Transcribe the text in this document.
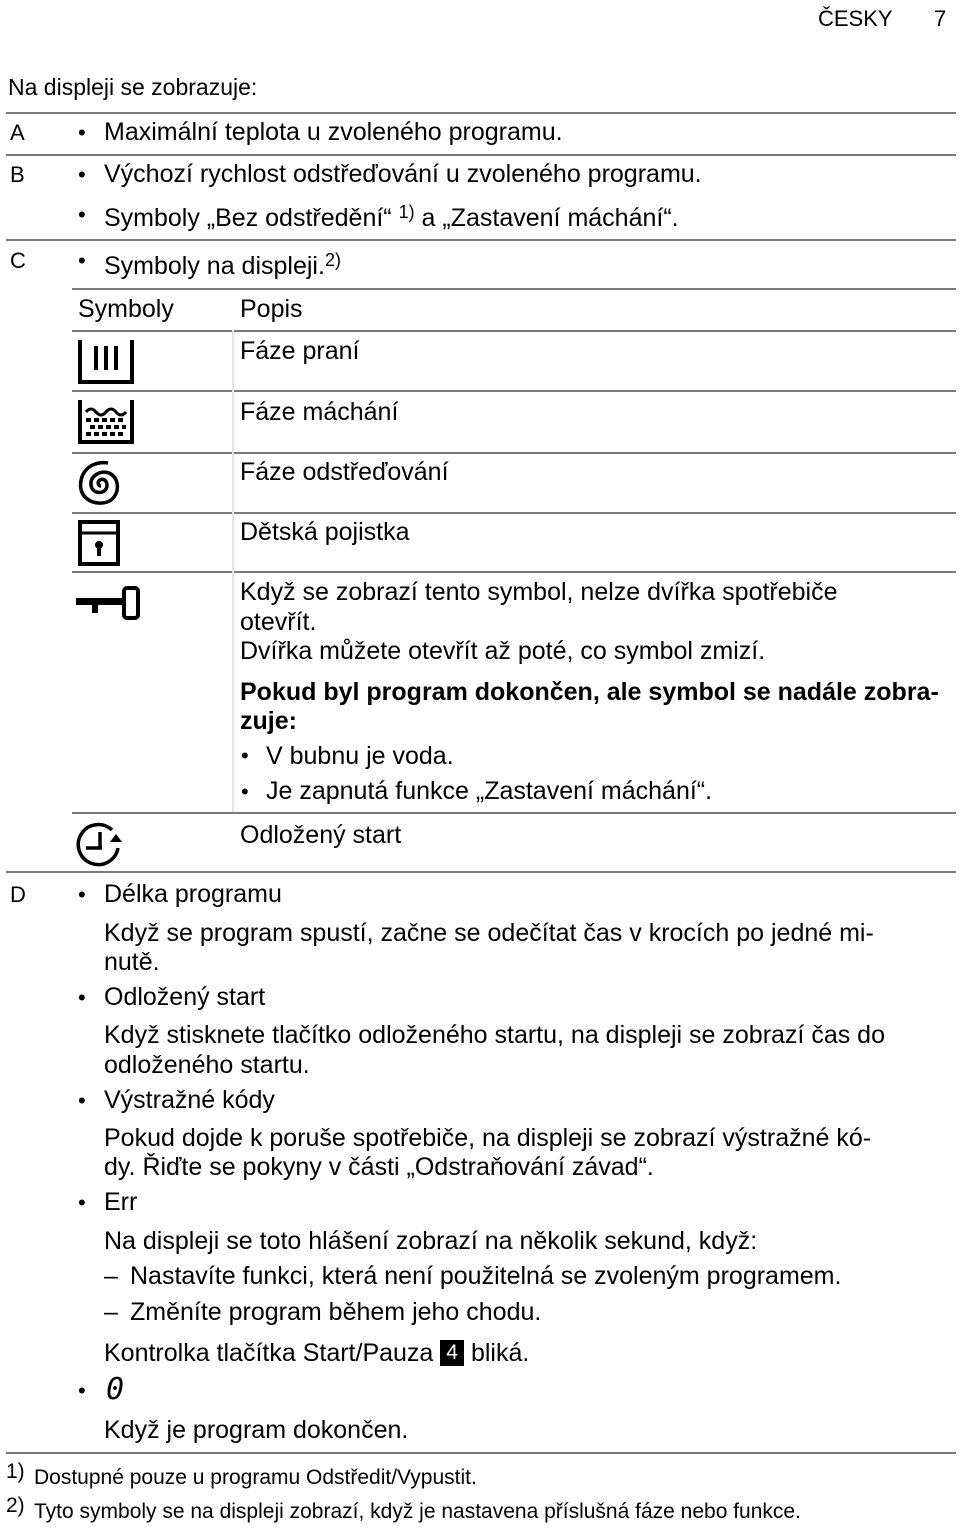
ČESKY 7
Na displeji se zobrazuje:
A • Maximální teplota u zvoleného programu.
B • Výchozí rychlost odstřeďování u zvoleného programu.
• Symboly „Bez odstředění“ $^{1)}$ a „Zastavení máchání“.
C • Symboly na displeji.$^{2)}$
Symboly	Popis
Fáze praní
Fáze máchání
Fáze odstřeďování
Dětská pojistka
Když se zobrazí tento symbol, nelze dvířka spotřebiče
otevřít.
Dvířka můžete otevřít až poté, co symbol zmizí.
Pokud byl program dokončen, ale symbol se nadále zobra-
zuje:
• V bubnu je voda.
• Je zapnutá funkce „Zastavení máchání“.
Odložený start
D • Délka programu
Když se program spustí, začne se odečítat čas v krocích po jedné mi-
nutě.
• Odložený start
Když stisknete tlačítko odloženého startu, na displeji se zobrazí čas do
odloženého startu.
• Výstražné kódy
Pokud dojde k poruše spotřebiče, na displeji se zobrazí výstražné kó-
dy. Řiďte se pokyny v části „Odstraňování závad“.
• Err
Na displeji se toto hlášení zobrazí na několik sekund, když:
– Nastavíte funkci, která není použitelná se zvoleným programem.
– Změníte program během jeho chodu.
Kontrolka tlačítka Start/Pauza 4 bliká.
• 0
Když je program dokončen.
1) Dostupné pouze u programu Odstředit/Vypustit.
2) Tyto symboly se na displeji zobrazí, když je nastavena příslušná fáze nebo funkce.
